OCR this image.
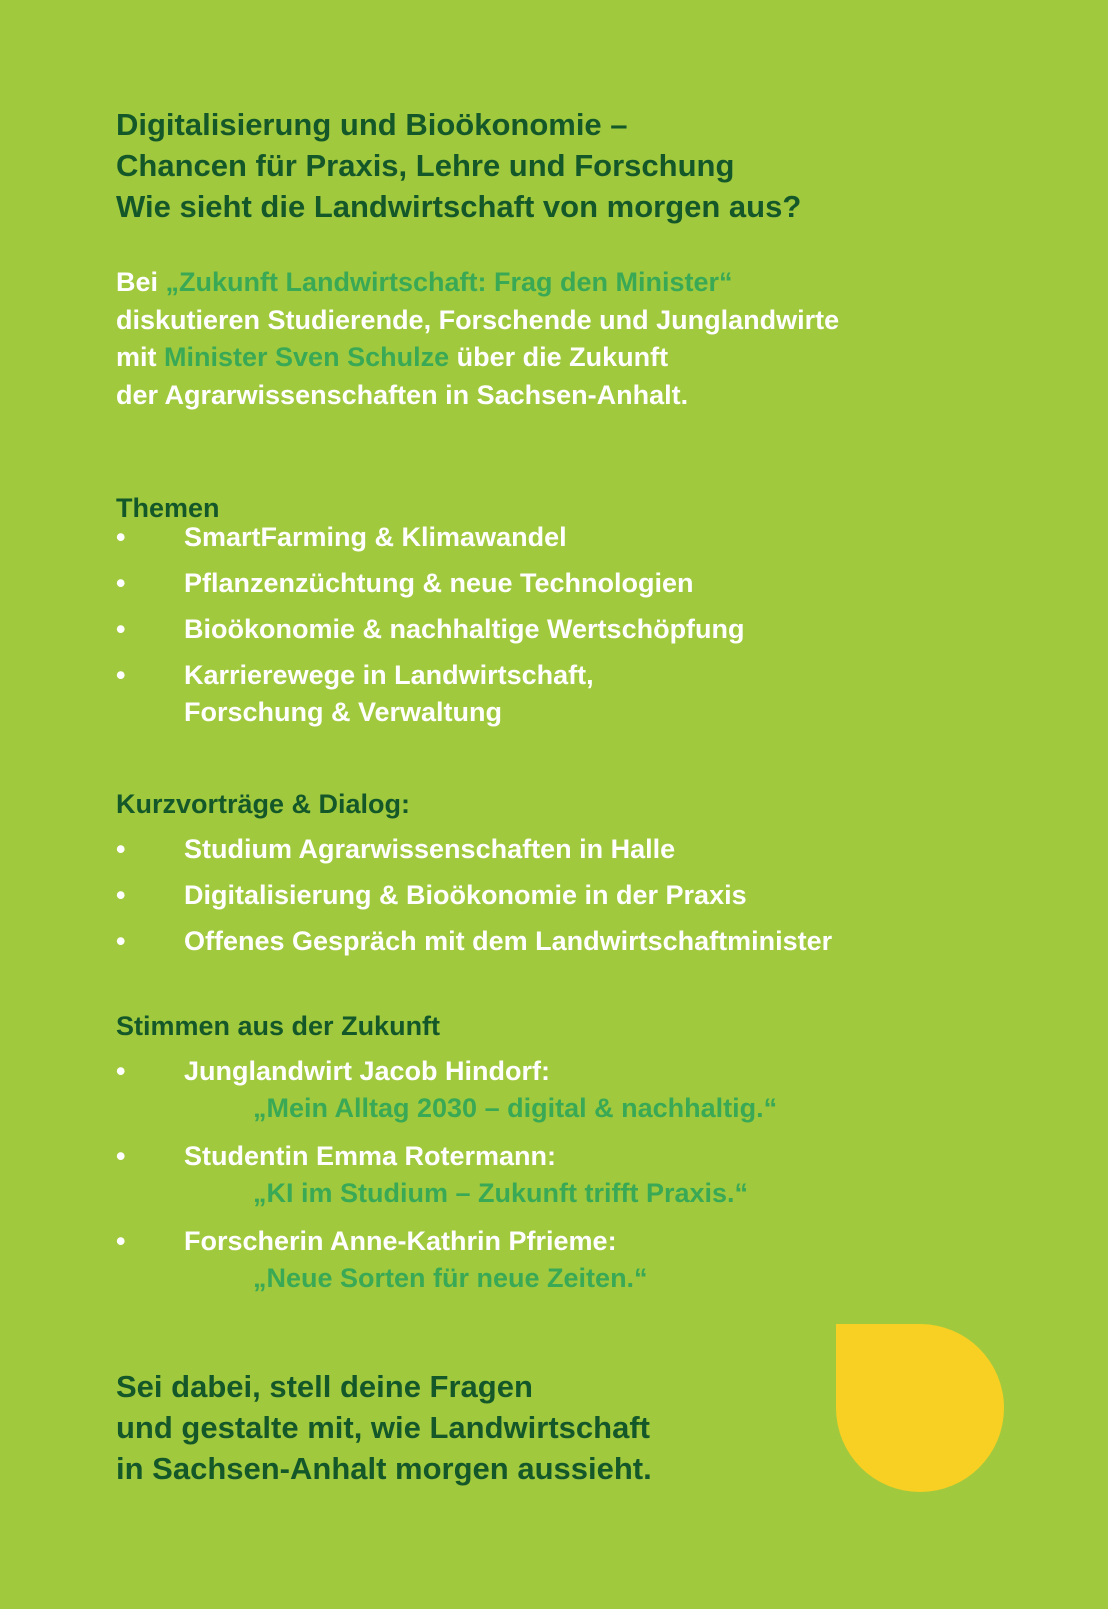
Digitalisierung und Bioökonomie –
Chancen für Praxis, Lehre und Forschung
Wie sieht die Landwirtschaft von morgen aus?
Bei „Zukunft Landwirtschaft: Frag den Minister“
diskutieren Studierende, Forschende und Junglandwirte
mit Minister Sven Schulze über die Zukunft
der Agrarwissenschaften in Sachsen-Anhalt.
Themen
•	SmartFarming & Klimawandel
•	Pflanzenzüchtung & neue Technologien
•	Bioökonomie & nachhaltige Wertschöpfung
•	Karrierewege in Landwirtschaft,
Forschung & Verwaltung
Kurzvorträge & Dialog:
•	Studium Agrarwissenschaften in Halle
•	Digitalisierung & Bioökonomie in der Praxis
•	Offenes Gespräch mit dem Landwirtschaftminister
Stimmen aus der Zukunft
•	Junglandwirt Jacob Hindorf:
„Mein Alltag 2030 – digital & nachhaltig.“
•	Studentin Emma Rotermann:
„KI im Studium – Zukunft trifft Praxis.“
•	Forscherin Anne-Kathrin Pfrieme:
„Neue Sorten für neue Zeiten.“
Sei dabei, stell deine Fragen
und gestalte mit, wie Landwirtschaft
in Sachsen-Anhalt morgen aussieht.
